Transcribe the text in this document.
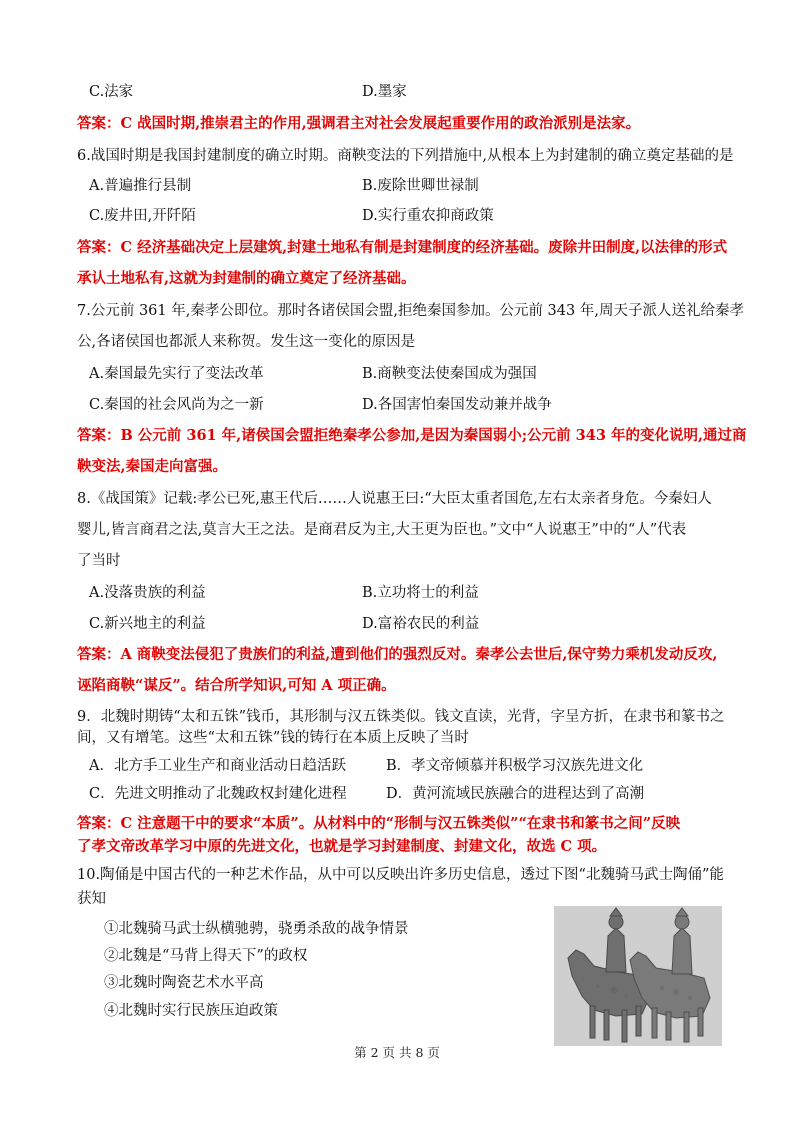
C.法家	D.墨家
答案：C 战国时期,推崇君主的作用,强调君主对社会发展起重要作用的政治派别是法家。
6.战国时期是我国封建制度的确立时期。商鞅变法的下列措施中,从根本上为封建制的确立奠定基础的是
A.普遍推行县制	B.废除世卿世禄制
C.废井田,开阡陌	D.实行重农抑商政策
答案：C 经济基础决定上层建筑,封建土地私有制是封建制度的经济基础。废除井田制度,以法律的形式
承认土地私有,这就为封建制的确立奠定了经济基础。
7.公元前 361 年,秦孝公即位。那时各诸侯国会盟,拒绝秦国参加。公元前 343 年,周天子派人送礼给秦孝
公,各诸侯国也都派人来称贺。发生这一变化的原因是
A.秦国最先实行了变法改革	B.商鞅变法使秦国成为强国
C.秦国的社会风尚为之一新	D.各国害怕秦国发动兼并战争
答案：B 公元前 361 年,诸侯国会盟拒绝秦孝公参加,是因为秦国弱小;公元前 343 年的变化说明,通过商
鞅变法,秦国走向富强。
8.《战国策》记载:孝公已死,惠王代后……人说惠王曰:“大臣太重者国危,左右太亲者身危。今秦妇人
婴儿,皆言商君之法,莫言大王之法。是商君反为主,大王更为臣也。”文中“人说惠王”中的“人”代表
了当时
A.没落贵族的利益	B.立功将士的利益
C.新兴地主的利益	D.富裕农民的利益
答案：A 商鞅变法侵犯了贵族们的利益,遭到他们的强烈反对。秦孝公去世后,保守势力乘机发动反攻,
诬陷商鞅“谋反”。结合所学知识,可知 A 项正确。
9．北魏时期铸“太和五铢”钱币，其形制与汉五铢类似。钱文直读，光背，字呈方折，在隶书和篆书之
间，又有增笔。这些“太和五铢”钱的铸行在本质上反映了当时
A．北方手工业生产和商业活动日趋活跃	B．孝文帝倾慕并积极学习汉族先进文化
C．先进文明推动了北魏政权封建化进程	D．黄河流域民族融合的进程达到了高潮
答案：C 注意题干中的要求“本质”。从材料中的“形制与汉五铢类似”“在隶书和篆书之间”反映
了孝文帝改革学习中原的先进文化，也就是学习封建制度、封建文化，故选 C 项。
10.陶俑是中国古代的一种艺术作品，从中可以反映出许多历史信息，透过下图“北魏骑马武士陶俑”能
获知
①北魏骑马武士纵横驰骋，骁勇杀敌的战争情景
②北魏是“马背上得天下”的政权
③北魏时陶瓷艺术水平高
④北魏时实行民族压迫政策
第 2 页 共 8 页
